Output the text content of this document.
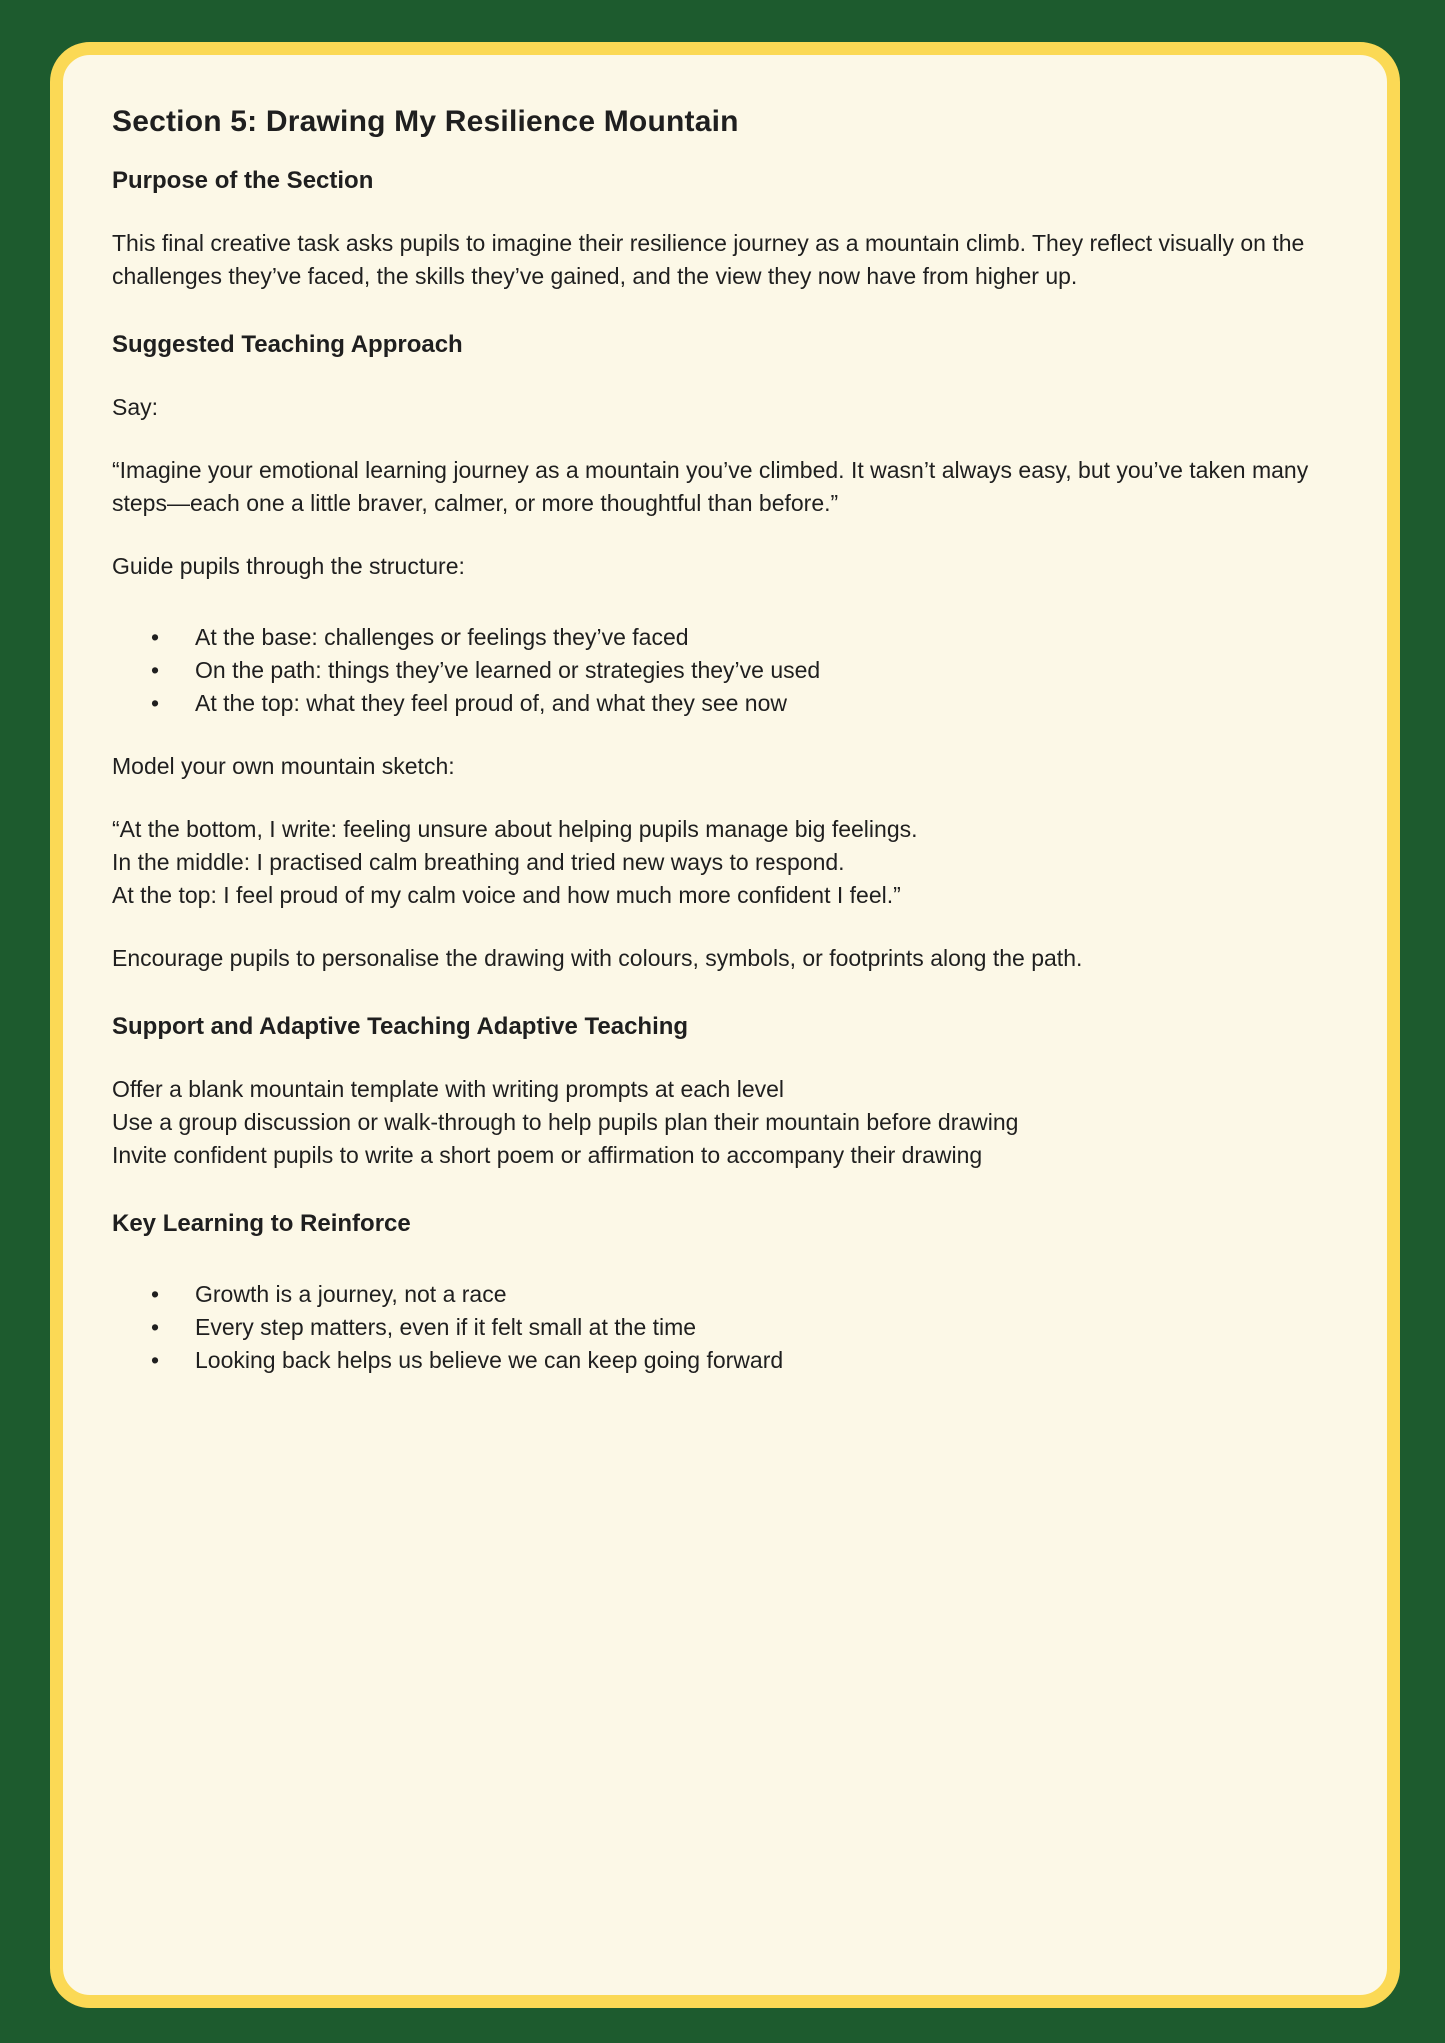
Section 5: Drawing My Resilience Mountain
Purpose of the Section

This final creative task asks pupils to imagine their resilience journey as a mountain climb. They reflect visually on the challenges they’ve faced, the skills they’ve gained, and the view they now have from higher up.

Suggested Teaching Approach

Say:

“Imagine your emotional learning journey as a mountain you’ve climbed. It wasn’t always easy, but you’ve taken many steps—each one a little braver, calmer, or more thoughtful than before.”

Guide pupils through the structure:

• At the base: challenges or feelings they’ve faced
• On the path: things they’ve learned or strategies they’ve used
• At the top: what they feel proud of, and what they see now

Model your own mountain sketch:

“At the bottom, I write: feeling unsure about helping pupils manage big feelings.
In the middle: I practised calm breathing and tried new ways to respond.
At the top: I feel proud of my calm voice and how much more confident I feel.”

Encourage pupils to personalise the drawing with colours, symbols, or footprints along the path.

Support and Adaptive Teaching Adaptive Teaching

Offer a blank mountain template with writing prompts at each level
Use a group discussion or walk-through to help pupils plan their mountain before drawing
Invite confident pupils to write a short poem or affirmation to accompany their drawing

Key Learning to Reinforce
• Growth is a journey, not a race
• Every step matters, even if it felt small at the time
• Looking back helps us believe we can keep going forward
